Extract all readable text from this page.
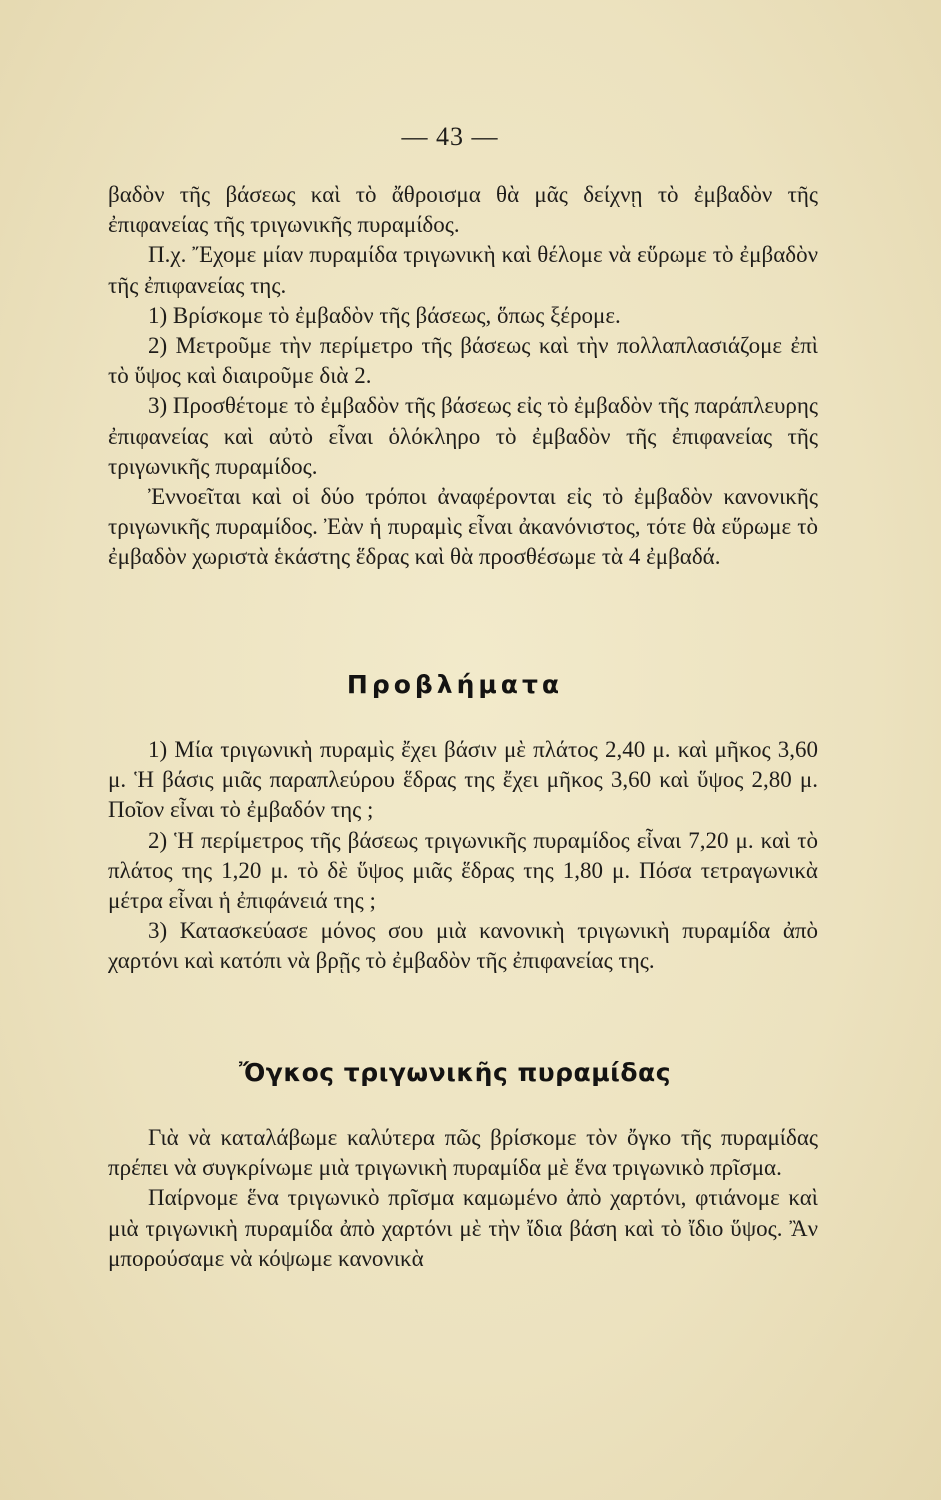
— 43 —

βαδὸν τῆς βάσεως καὶ τὸ ἄθροισμα θὰ μᾶς δείχνῃ τὸ ἐμβαδὸν τῆς ἐπιφανείας τῆς τριγωνικῆς πυραμίδος.

Π.χ. Ἔχομε μίαν πυραμίδα τριγωνικὴ καὶ θέλομε νὰ εὕρωμε τὸ ἐμβαδὸν τῆς ἐπιφανείας της.

1) Βρίσκομε τὸ ἐμβαδὸν τῆς βάσεως, ὅπως ξέρομε.

2) Μετροῦμε τὴν περίμετρο τῆς βάσεως καὶ τὴν πολλαπλασιάζομε ἐπὶ τὸ ὕψος καὶ διαιροῦμε διὰ 2.

3) Προσθέτομε τὸ ἐμβαδὸν τῆς βάσεως εἰς τὸ ἐμβαδὸν τῆς παράπλευρης ἐπιφανείας καὶ αὐτὸ εἶναι ὁλόκληρο τὸ ἐμβαδὸν τῆς ἐπιφανείας τῆς τριγωνικῆς πυραμίδος.

Ἐννοεῖται καὶ οἱ δύο τρόποι ἀναφέρονται εἰς τὸ ἐμβαδὸν κανονικῆς τριγωνικῆς πυραμίδος. Ἐὰν ἡ πυραμὶς εἶναι ἀκανόνιστος, τότε θὰ εὕρωμε τὸ ἐμβαδὸν χωριστὰ ἑκάστης ἕδρας καὶ θὰ προσθέσωμε τὰ 4 ἐμβαδά.

Προβλήματα

1) Μία τριγωνικὴ πυραμὶς ἔχει βάσιν μὲ πλάτος 2,40 μ. καὶ μῆκος 3,60 μ. Ἡ βάσις μιᾶς παραπλεύρου ἕδρας της ἔχει μῆκος 3,60 καὶ ὕψος 2,80 μ. Ποῖον εἶναι τὸ ἐμβαδόν της ;

2) Ἡ περίμετρος τῆς βάσεως τριγωνικῆς πυραμίδος εἶναι 7,20 μ. καὶ τὸ πλάτος της 1,20 μ. τὸ δὲ ὕψος μιᾶς ἕδρας της 1,80 μ. Πόσα τετραγωνικὰ μέτρα εἶναι ἡ ἐπιφάνειά της ;

3) Κατασκεύασε μόνος σου μιὰ κανονικὴ τριγωνικὴ πυραμίδα ἀπὸ χαρτόνι καὶ κατόπι νὰ βρῇς τὸ ἐμβαδὸν τῆς ἐπιφανείας της.

Ὄγκος τριγωνικῆς πυραμίδας

Γιὰ νὰ καταλάβωμε καλύτερα πῶς βρίσκομε τὸν ὄγκο τῆς πυραμίδας πρέπει νὰ συγκρίνωμε μιὰ τριγωνικὴ πυραμίδα μὲ ἕνα τριγωνικὸ πρῖσμα.

Παίρνομε ἕνα τριγωνικὸ πρῖσμα καμωμένο ἀπὸ χαρτόνι, φτιάνομε καὶ μιὰ τριγωνικὴ πυραμίδα ἀπὸ χαρτόνι μὲ τὴν ἴδια βάση καὶ τὸ ἴδιο ὕψος. Ἂν μπορούσαμε νὰ κόψωμε κανονικὰ
